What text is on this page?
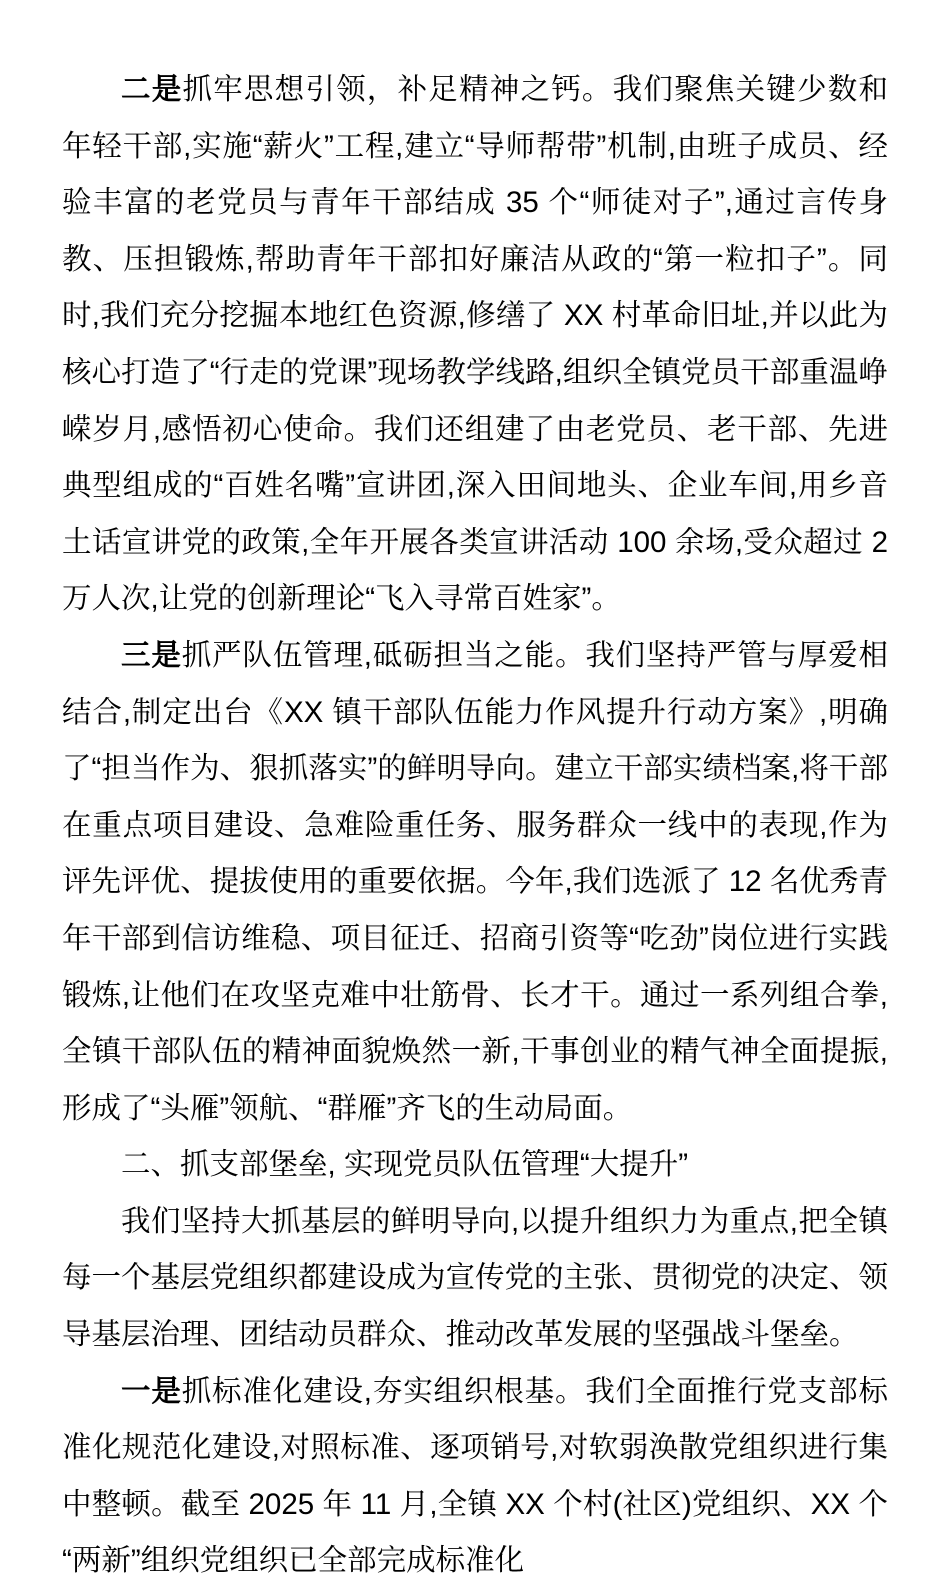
二是抓牢思想引领，补足精神之钙。我们聚焦关键少数和年轻干部,实施“薪火”工程,建立“导师帮带”机制,由班子成员、经验丰富的老党员与青年干部结成 35 个“师徒对子”,通过言传身教、压担锻炼,帮助青年干部扣好廉洁从政的“第一粒扣子”。同时,我们充分挖掘本地红色资源,修缮了 XX 村革命旧址,并以此为核心打造了“行走的党课”现场教学线路,组织全镇党员干部重温峥嵘岁月,感悟初心使命。我们还组建了由老党员、老干部、先进典型组成的“百姓名嘴”宣讲团,深入田间地头、企业车间,用乡音土话宣讲党的政策,全年开展各类宣讲活动 100 余场,受众超过 2 万人次,让党的创新理论“飞入寻常百姓家”。

三是抓严队伍管理,砥砺担当之能。我们坚持严管与厚爱相结合,制定出台《XX 镇干部队伍能力作风提升行动方案》,明确了“担当作为、狠抓落实”的鲜明导向。建立干部实绩档案,将干部在重点项目建设、急难险重任务、服务群众一线中的表现,作为评先评优、提拔使用的重要依据。今年,我们选派了 12 名优秀青年干部到信访维稳、项目征迁、招商引资等“吃劲”岗位进行实践锻炼,让他们在攻坚克难中壮筋骨、长才干。通过一系列组合拳,全镇干部队伍的精神面貌焕然一新,干事创业的精气神全面提振,形成了“头雁”领航、“群雁”齐飞的生动局面。

二、抓支部堡垒, 实现党员队伍管理“大提升”

我们坚持大抓基层的鲜明导向,以提升组织力为重点,把全镇每一个基层党组织都建设成为宣传党的主张、贯彻党的决定、领导基层治理、团结动员群众、推动改革发展的坚强战斗堡垒。

一是抓标准化建设,夯实组织根基。我们全面推行党支部标准化规范化建设,对照标准、逐项销号,对软弱涣散党组织进行集中整顿。截至 2025 年 11 月,全镇 XX 个村(社区)党组织、XX 个“两新”组织党组织已全部完成标准化
